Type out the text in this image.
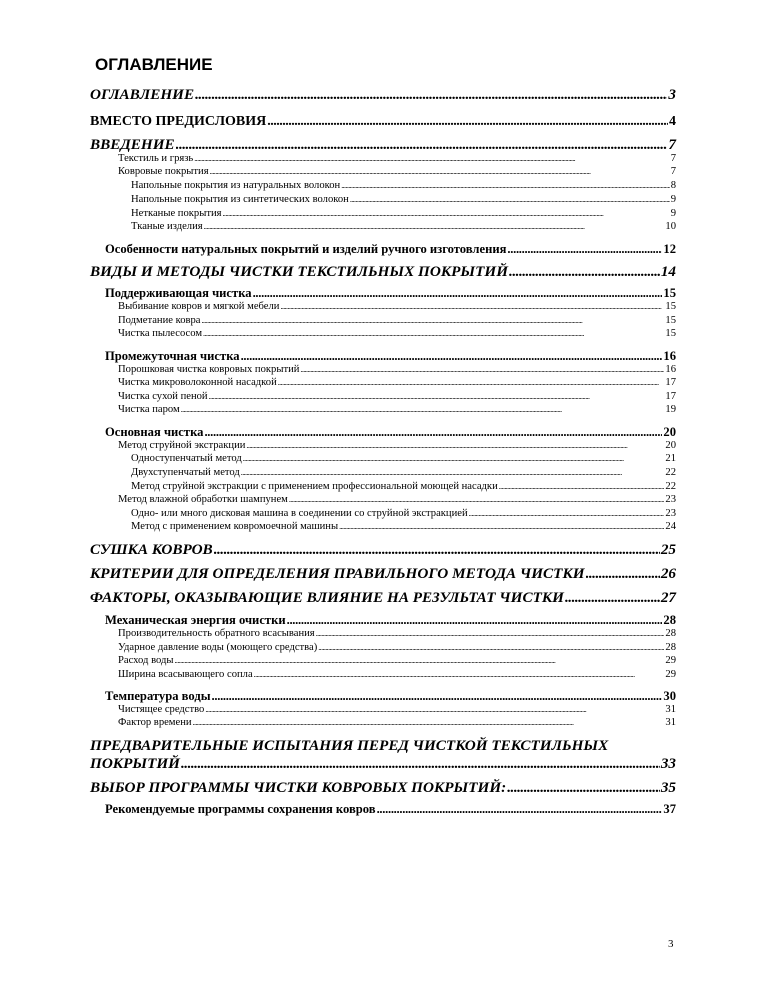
ОГЛАВЛЕНИЕ
ОГЛАВЛЕНИЕ .....	3
ВМЕСТО ПРЕДИСЛОВИЯ .....	4
ВВЕДЕНИЕ .....	7
Текстиль и грязь .....	7
Ковровые покрытия .....	7
Напольные покрытия из натуральных волокон .....	8
Напольные покрытия из синтетических волокон .....	9
Нетканые покрытия .....	9
Тканые изделия .....	10
Особенности натуральных покрытий и изделий ручного изготовления .....	12
ВИДЫ И МЕТОДЫ ЧИСТКИ ТЕКСТИЛЬНЫХ ПОКРЫТИЙ .....	14
Поддерживающая чистка .....	15
Выбивание ковров и мягкой мебели .....	15
Подметание ковра .....	15
Чистка пылесосом .....	15
Промежуточная чистка .....	16
Порошковая чистка ковровых покрытий .....	16
Чистка микроволоконной насадкой .....	17
Чистка сухой пеной .....	17
Чистка паром .....	19
Основная чистка .....	20
Метод струйной экстракции .....	20
Одноступенчатый метод .....	21
Двухступенчатый метод .....	22
Метод струйной экстракции с применением профессиональной моющей насадки .....	22
Метод влажной обработки шампунем .....	23
Одно- или много дисковая машина в соединении со струйной экстракцией .....	23
Метод с применением ковромоечной машины .....	24
СУШКА КОВРОВ .....	25
КРИТЕРИИ ДЛЯ ОПРЕДЕЛЕНИЯ ПРАВИЛЬНОГО МЕТОДА ЧИСТКИ .....	26
ФАКТОРЫ, ОКАЗЫВАЮЩИЕ ВЛИЯНИЕ НА РЕЗУЛЬТАТ ЧИСТКИ .....	27
Механическая энергия очистки .....	28
Производительность обратного всасывания .....	28
Ударное давление воды (моющего средства) .....	28
Расход воды .....	29
Ширина всасывающего сопла .....	29
Температура воды .....	30
Чистящее средство .....	31
Фактор времени .....	31
ПРЕДВАРИТЕЛЬНЫЕ ИСПЫТАНИЯ ПЕРЕД ЧИСТКОЙ ТЕКСТИЛЬНЫХ
ПОКРЫТИЙ .....	33
ВЫБОР ПРОГРАММЫ ЧИСТКИ КОВРОВЫХ ПОКРЫТИЙ: .....	35
Рекомендуемые программы сохранения ковров .....	37
3
